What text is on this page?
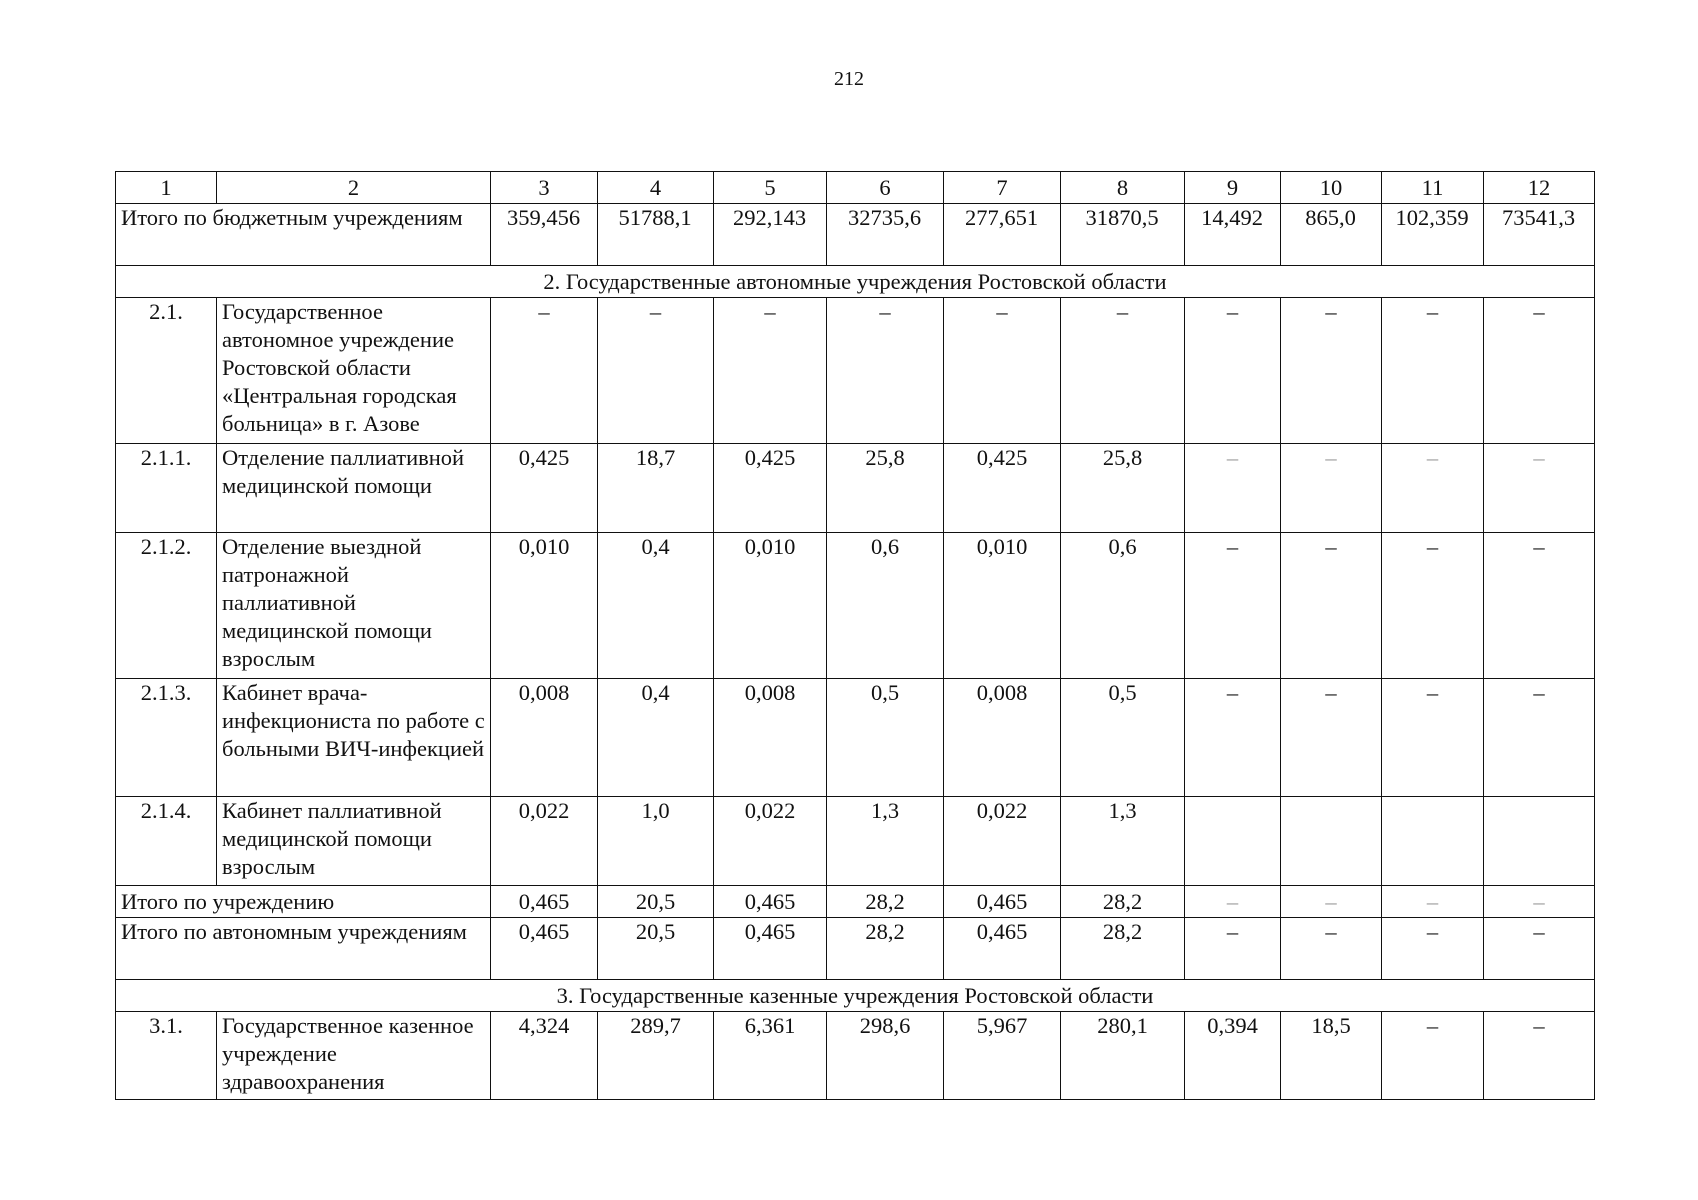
212
1	2	3	4	5	6	7	8	9	10	11	12
Итого по бюджетным учреждениям		359,456	51788,1	292,143	32735,6	277,651	31870,5	14,492	865,0	102,359	73541,3
2. Государственные автономные учреждения Ростовской области											
2.1.	Государственное автономное учреждение Ростовской области «Центральная городская больница» в г. Азове	–	–	–	–	–	–	–	–	–	–
2.1.1.	Отделение паллиативной медицинской помощи	0,425	18,7	0,425	25,8	0,425	25,8	–	–	–	–
2.1.2.	Отделение выездной патронажной паллиативной медицинской помощи взрослым	0,010	0,4	0,010	0,6	0,010	0,6	–	–	–	–
2.1.3.	Кабинет врача-инфекциониста по работе с больными ВИЧ-инфекцией	0,008	0,4	0,008	0,5	0,008	0,5	–	–	–	–
2.1.4.	Кабинет паллиативной медицинской помощи взрослым	0,022	1,0	0,022	1,3	0,022	1,3				
Итого по учреждению		0,465	20,5	0,465	28,2	0,465	28,2	–	–	–	–
Итого по автономным учреждениям		0,465	20,5	0,465	28,2	0,465	28,2	–	–	–	–
3. Государственные казенные учреждения Ростовской области											
3.1.	Государственное казенное учреждение здравоохранения	4,324	289,7	6,361	298,6	5,967	280,1	0,394	18,5	–	–
